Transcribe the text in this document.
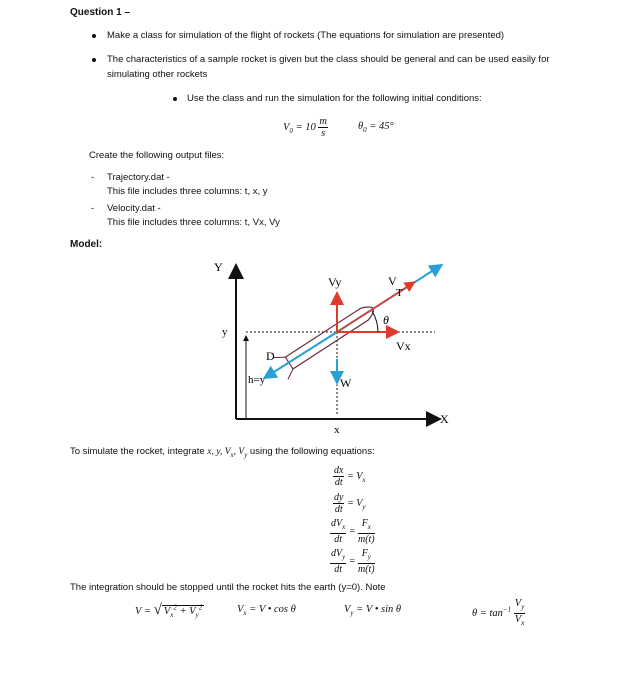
Question 1 –
Make a class for simulation of the flight of rockets (The equations for simulation are presented)
The characteristics of a sample rocket is given but the class should be general and can be used easily for
simulating other rockets
Use the class and run the simulation for the following initial conditions:
$V_0 = 10 \frac{m}{s}$	$\theta_0 = 45^\circ$
Create the following output files:
- Trajectory.dat -
This file includes three columns: t, x, y
- Velocity.dat -
This file includes three columns: t, Vx, Vy
Model:
Y
X
y
h=y
x
Vy	V
T
θ
Vx
D
W
To simulate the rocket, integrate x, y, $V_x$, $V_y$ using the following equations:
$\frac{dx}{dt} = V_x$
$\frac{dy}{dt} = V_y$
$\frac{dV_x}{dt} = \frac{F_x}{m(t)}$
$\frac{dV_y}{dt} = \frac{F_y}{m(t)}$
The integration should be stopped until the rocket hits the earth (y=0). Note
V = √ $V_x^2 + V_y^2$	$V_x = V$ • cos θ	$V_y = V$ • sin θ	$\theta = \tan^{-1} \frac{V_y}{V_x}$
